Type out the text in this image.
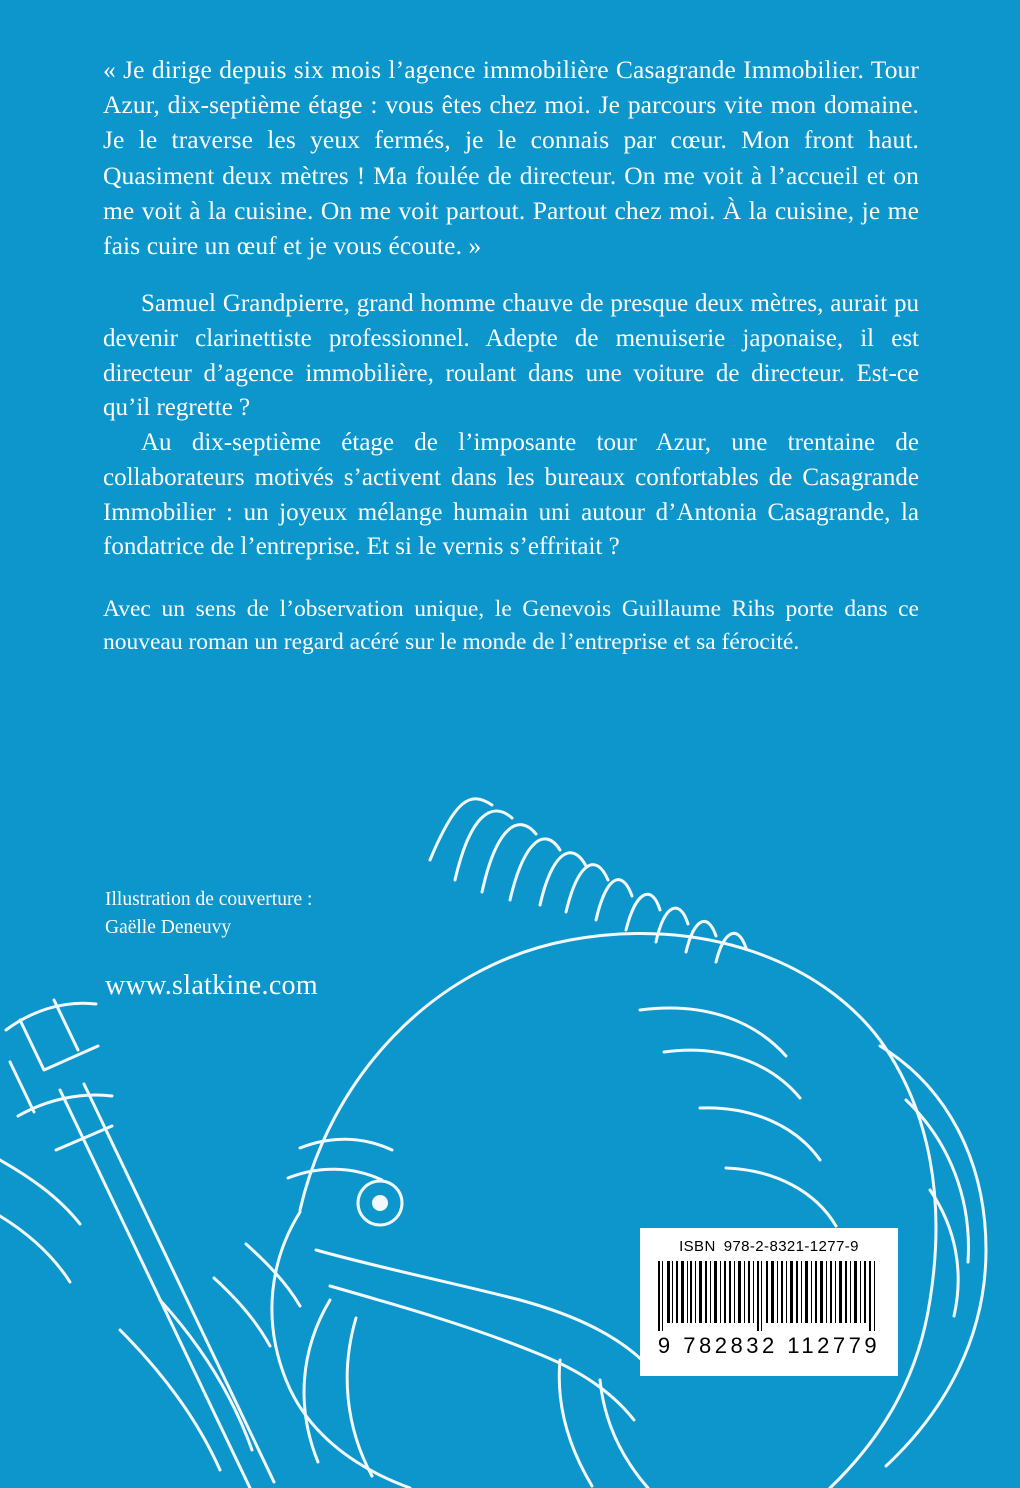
« Je dirige depuis six mois l’agence immobilière Casagrande Immobilier. Tour Azur, dix-septième étage : vous êtes chez moi. Je parcours vite mon domaine. Je le traverse les yeux fermés, je le connais par cœur. Mon front haut. Quasiment deux mètres ! Ma foulée de directeur. On me voit à l’accueil et on me voit à la cuisine. On me voit partout. Partout chez moi. À la cuisine, je me fais cuire un œuf et je vous écoute. »

Samuel Grandpierre, grand homme chauve de presque deux mètres, aurait pu devenir clarinettiste professionnel. Adepte de menuiserie japonaise, il est directeur d’agence immobilière, roulant dans une voiture de directeur. Est-ce qu’il regrette ?

Au dix-septième étage de l’imposante tour Azur, une trentaine de collaborateurs motivés s’activent dans les bureaux confortables de Casagrande Immobilier : un joyeux mélange humain uni autour d’Antonia Casagrande, la fondatrice de l’entreprise. Et si le vernis s’effritait ?

Avec un sens de l’observation unique, le Genevois Guillaume Rihs porte dans ce nouveau roman un regard acéré sur le monde de l’entreprise et sa férocité.

Illustration de couverture :
Gaëlle Deneuvy
www.slatkine.com
ISBN 978-2-8321-1277-9
9 782832 112779
